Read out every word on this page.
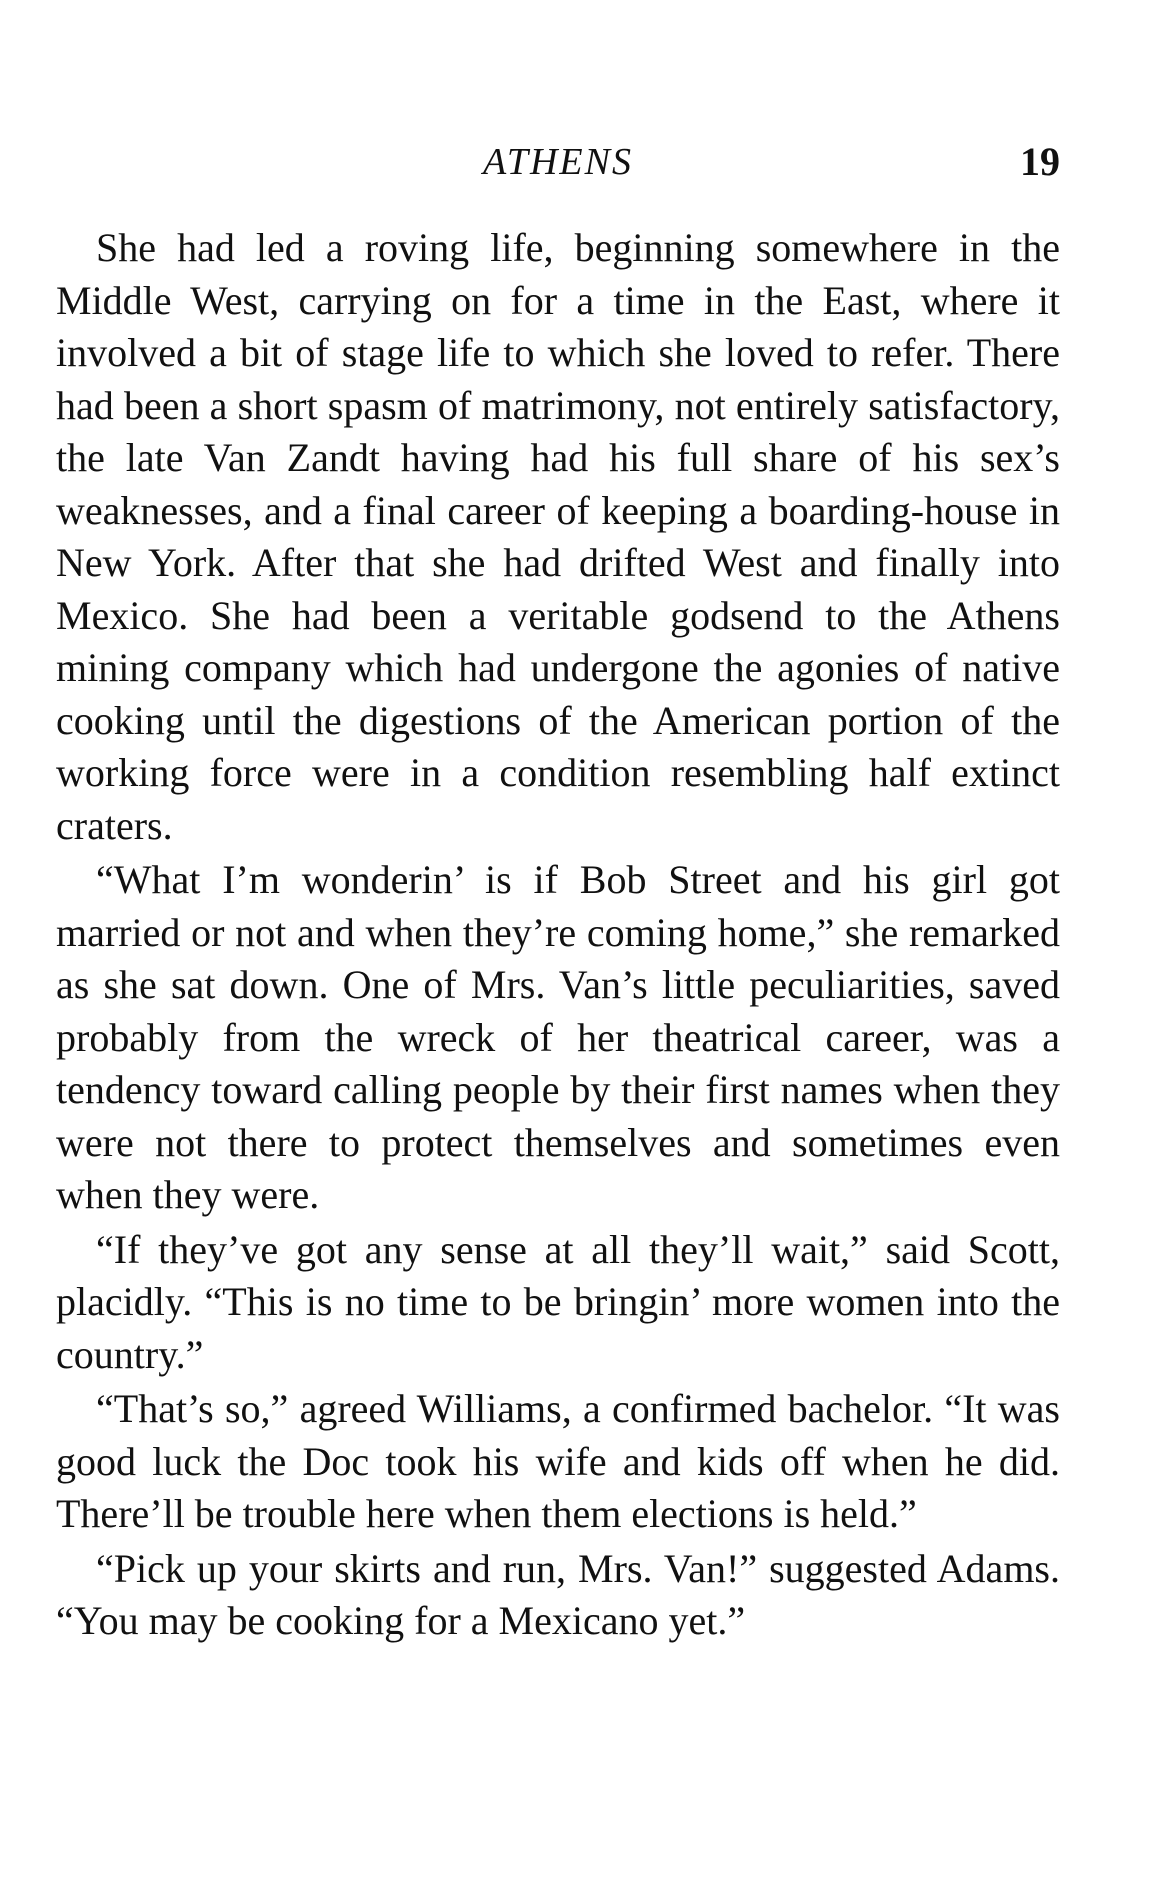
ATHENS	19

She had led a roving life, beginning somewhere in the Middle West, carrying on for a time in the East, where it involved a bit of stage life to which she loved to refer. There had been a short spasm of matrimony, not entirely satisfactory, the late Van Zandt having had his full share of his sex’s weaknesses, and a final career of keeping a boarding-house in New York. After that she had drifted West and finally into Mexico. She had been a veritable godsend to the Athens mining company which had undergone the agonies of native cooking until the digestions of the American portion of the working force were in a condition resembling half extinct craters.

“What I’m wonderin’ is if Bob Street and his girl got married or not and when they’re coming home,” she remarked as she sat down. One of Mrs. Van’s little peculiarities, saved probably from the wreck of her theatrical career, was a tendency toward calling people by their first names when they were not there to protect themselves and sometimes even when they were.

“If they’ve got any sense at all they’ll wait,” said Scott, placidly. “This is no time to be bringin’ more women into the country.”

“That’s so,” agreed Williams, a confirmed bachelor. “It was good luck the Doc took his wife and kids off when he did. There’ll be trouble here when them elections is held.”

“Pick up your skirts and run, Mrs. Van!” suggested Adams. “You may be cooking for a Mexicano yet.”
